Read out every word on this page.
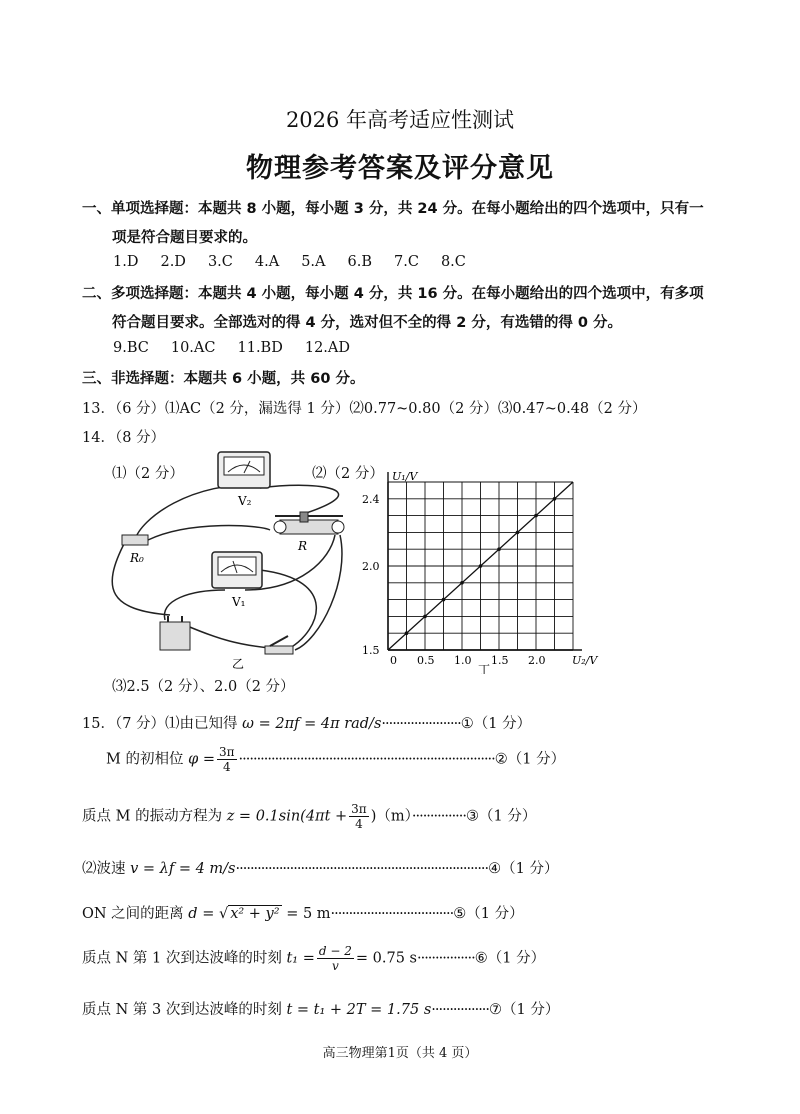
2026 年高考适应性测试
物理参考答案及评分意见
一、单项选择题：本题共 8 小题，每小题 3 分，共 24 分。在每小题给出的四个选项中，只有一
项是符合题目要求的。
1.D 2.D 3.C 4.A 5.A 6.B 7.C 8.C
二、多项选择题：本题共 4 小题，每小题 4 分，共 16 分。在每小题给出的四个选项中，有多项
符合题目要求。全部选对的得 4 分，选对但不全的得 2 分，有选错的得 0 分。
9.BC 10.AC 11.BD 12.AD
三、非选择题：本题共 6 小题，共 60 分。
13．（6 分）⑴AC（2 分，漏选得 1 分）⑵0.77~0.80（2 分）⑶0.47~0.48（2 分）
14．（8 分）
⑴（2 分）
V₂
R
R₀
V₁
乙
⑵（2 分）
0 0.5 1.0 1.5 2.0
1.5
2.0
2.4
U₁/V
U₂/V
丁
⑶2.5（2 分）、2.0（2 分）
15．（7 分）⑴由已知得 ω = 2πf = 4π rad/s······················①（1 分）
M 的初相位 $\varphi = \frac{3\pi}{4}$ ·······································································②（1 分）
质点 M 的振动方程为 $z = 0.1\sin(4\pi t + \frac{3\pi}{4}$ )（m）···············③（1 分）
⑵波速 v = λf = 4 m/s······································································④（1 分）
ON 之间的距离 d = √ x² + y² = 5 m··································⑤（1 分）
质点 N 第 1 次到达波峰的时刻 $t_1 = \frac{d - 2}{v} = 0.75$ s················⑥（1 分）
质点 N 第 3 次到达波峰的时刻 t = t₁ + 2T = 1.75 s················⑦（1 分）
高三物理第1页（共 4 页）
